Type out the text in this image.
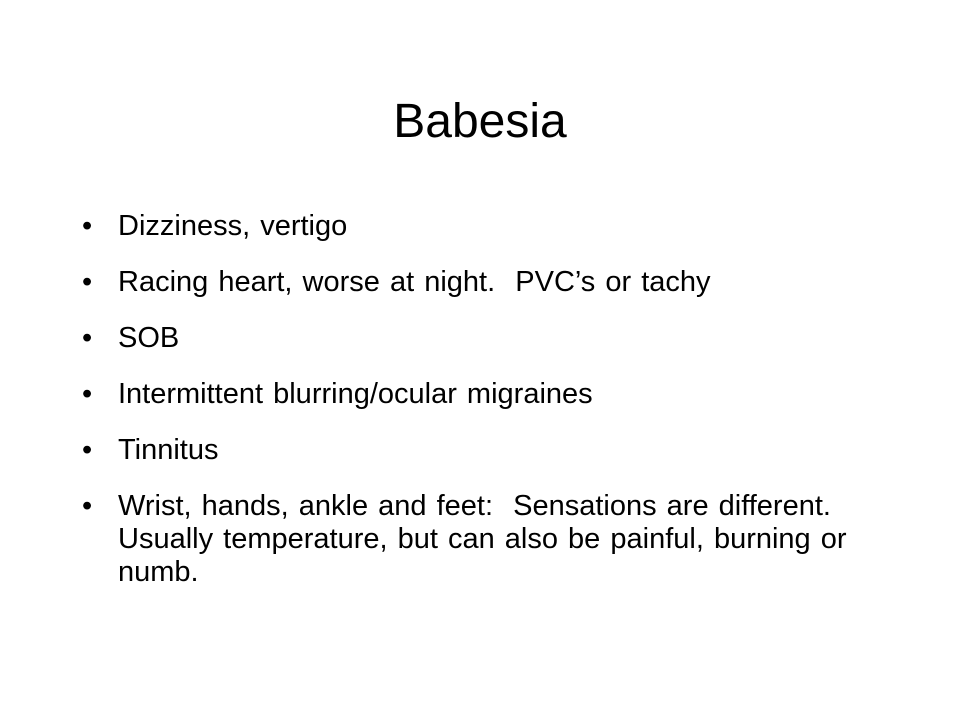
Babesia
• Dizziness, vertigo
• Racing heart, worse at night.  PVC’s or tachy
• SOB
• Intermittent blurring/ocular migraines
• Tinnitus
• Wrist, hands, ankle and feet:  Sensations are different.  Usually temperature, but can also be painful, burning or numb.
